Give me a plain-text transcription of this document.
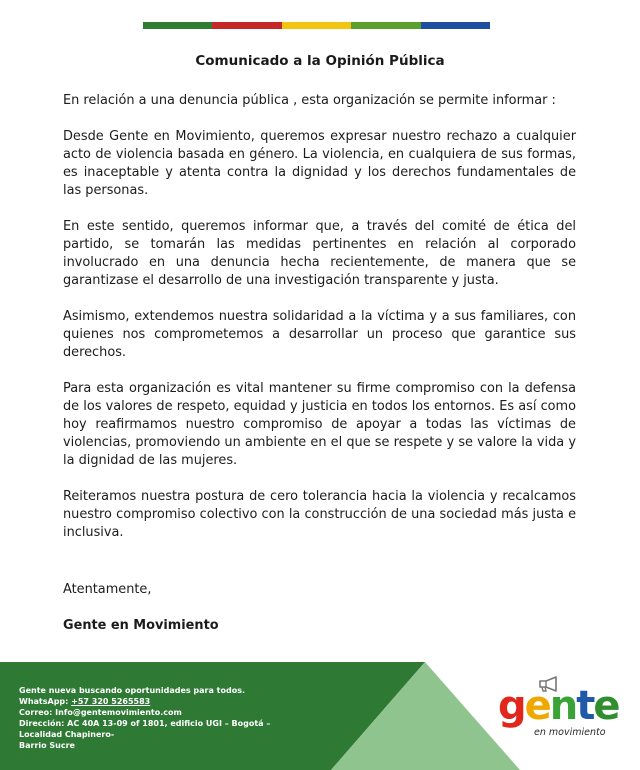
Comunicado a la Opinión Pública

En relación a una denuncia pública , esta organización se permite informar :

Desde Gente en Movimiento, queremos expresar nuestro rechazo a cualquier acto de violencia basada en género. La violencia, en cualquiera de sus formas, es inaceptable y atenta contra la dignidad y los derechos fundamentales de las personas.

En este sentido, queremos informar que, a través del comité de ética del partido, se tomarán las medidas pertinentes en relación al corporado involucrado en una denuncia hecha recientemente, de manera que se garantizase el desarrollo de una investigación transparente y justa.

Asimismo, extendemos nuestra solidaridad a la víctima y a sus familiares, con quienes nos comprometemos a desarrollar un proceso que garantice sus derechos.

Para esta organización es vital mantener su firme compromiso con la defensa de los valores de respeto, equidad y justicia en todos los entornos. Es así como hoy reafirmamos nuestro compromiso de apoyar a todas las víctimas de violencias, promoviendo un ambiente en el que se respete y se valore la vida y la dignidad de las mujeres.

Reiteramos nuestra postura de cero tolerancia hacia la violencia y recalcamos nuestro compromiso colectivo con la construcción de una sociedad más justa e inclusiva.

Atentamente,
Gente en Movimiento
Gente nueva buscando oportunidades para todos.
WhatsApp: +57 320 5265583
Correo: Info@gentemovimiento.com
Dirección: AC 40A 13-09 of 1801, edificio UGI – Bogotá –
Localidad Chapinero-
Barrio Sucre
gente
en movimiento
